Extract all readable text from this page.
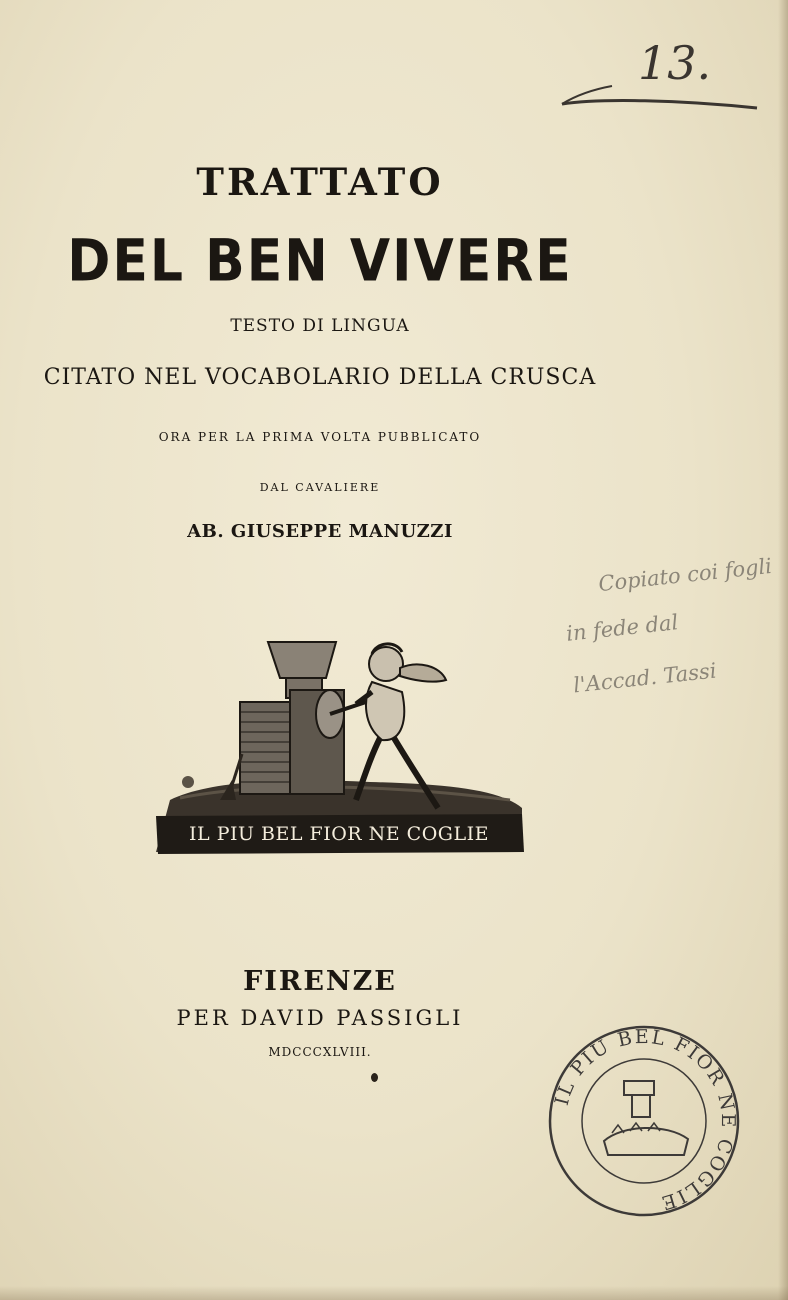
13.
TRATTATO
DEL BEN VIVERE
TESTO DI LINGUA
CITATO NEL VOCABOLARIO DELLA CRUSCA
ORA PER LA PRIMA VOLTA PUBBLICATO
DAL CAVALIERE
AB. GIUSEPPE MANUZZI
Copiato coi fogli
in fede dal
l'Accad. Tassi
IL PIU BEL FIOR NE COGLIE
FIRENZE
PER DAVID PASSIGLI
MDCCCXLVIII.
IL PIU BEL FIOR NE COGLIE
